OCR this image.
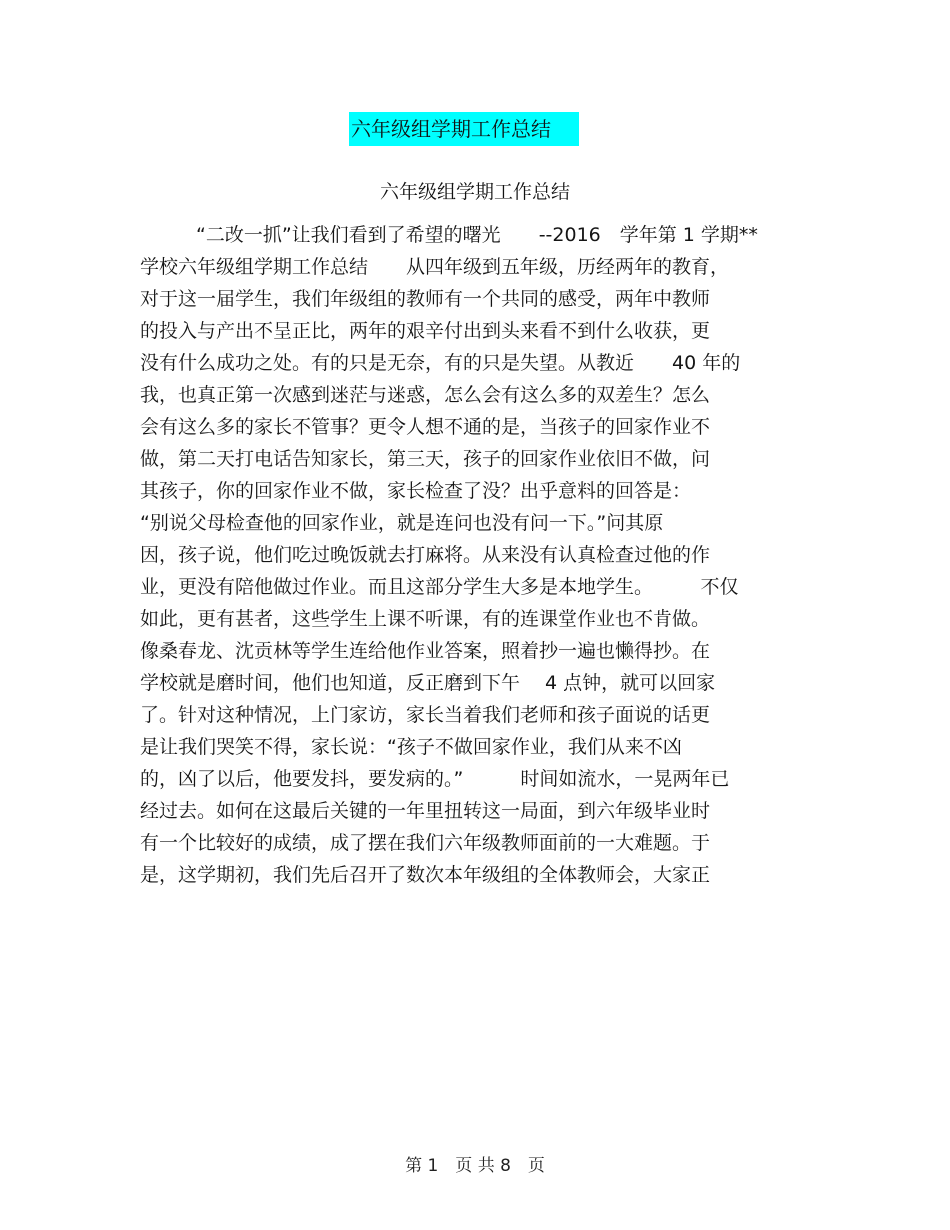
六年级组学期工作总结
六年级组学期工作总结
“二改一抓”让我们看到了希望的曙光　　--2016　学年第 1 学期**
学校六年级组学期工作总结　　从四年级到五年级，历经两年的教育，
对于这一届学生，我们年级组的教师有一个共同的感受，两年中教师
的投入与产出不呈正比，两年的艰辛付出到头来看不到什么收获，更
没有什么成功之处。有的只是无奈，有的只是失望。从教近　　40 年的
我，也真正第一次感到迷茫与迷惑，怎么会有这么多的双差生？怎么
会有这么多的家长不管事？更令人想不通的是，当孩子的回家作业不
做，第二天打电话告知家长，第三天，孩子的回家作业依旧不做，问
其孩子，你的回家作业不做，家长检查了没？出乎意料的回答是：
“别说父母检查他的回家作业，就是连问也没有问一下。”问其原
因，孩子说，他们吃过晚饭就去打麻将。从来没有认真检查过他的作
业，更没有陪他做过作业。而且这部分学生大多是本地学生。　　　不仅
如此，更有甚者，这些学生上课不听课，有的连课堂作业也不肯做。
像桑春龙、沈贡林等学生连给他作业答案，照着抄一遍也懒得抄。在
学校就是磨时间，他们也知道，反正磨到下午　 4 点钟，就可以回家
了。针对这种情况，上门家访，家长当着我们老师和孩子面说的话更
是让我们哭笑不得，家长说：“孩子不做回家作业，我们从来不凶
的，凶了以后，他要发抖，要发病的。”　　　时间如流水，一晃两年已
经过去。如何在这最后关键的一年里扭转这一局面，到六年级毕业时
有一个比较好的成绩，成了摆在我们六年级教师面前的一大难题。于
是，这学期初，我们先后召开了数次本年级组的全体教师会，大家正
第 1　页 共 8　页
